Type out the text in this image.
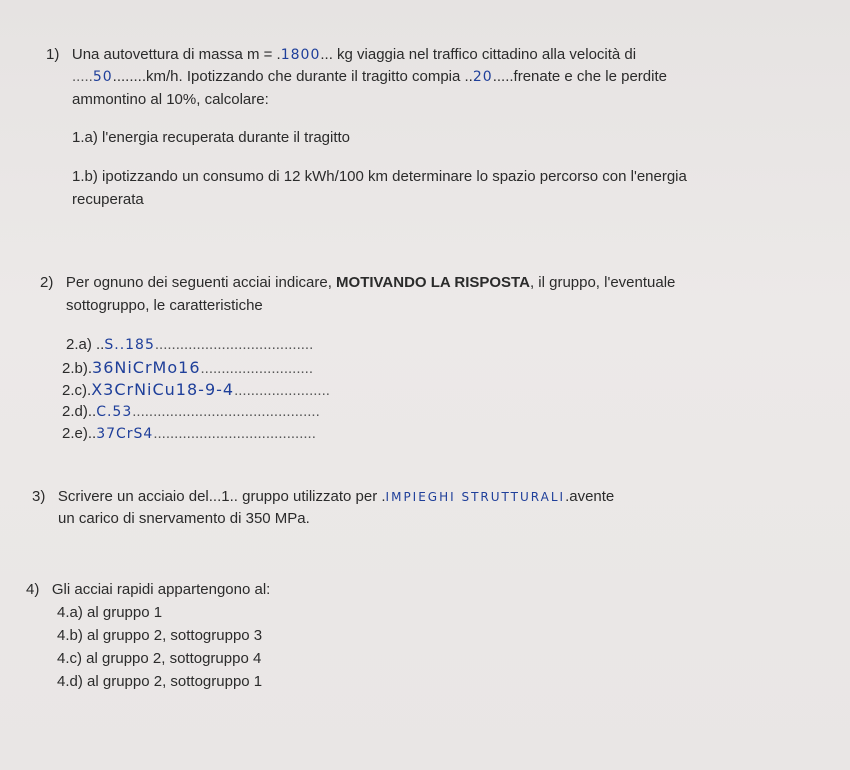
1) Una autovettura di massa m = .1800... kg viaggia nel traffico cittadino alla velocità di
.....50........km/h. Ipotizzando che durante il tragitto compia ..20.....frenate e che le perdite
ammontino al 10%, calcolare:
1.a) l'energia recuperata durante il tragitto
1.b) ipotizzando un consumo di 12 kWh/100 km determinare lo spazio percorso con l'energia
recuperata
2) Per ognuno dei seguenti acciai indicare, MOTIVANDO LA RISPOSTA, il gruppo, l'eventuale
sottogruppo, le caratteristiche
2.a) ..S..185......................................
2.b).36NiCrMo16...........................
2.c).X3CrNiCu18-9-4.......................
2.d)..C.53.............................................
2.e)..37CrS4.......................................
3) Scrivere un acciaio del...1.. gruppo utilizzato per .IMPIEGHI STRUTTURALI.avente
un carico di snervamento di 350 MPa.
4) Gli acciai rapidi appartengono al:
4.a) al gruppo 1
4.b) al gruppo 2, sottogruppo 3
4.c) al gruppo 2, sottogruppo 4
4.d) al gruppo 2, sottogruppo 1
